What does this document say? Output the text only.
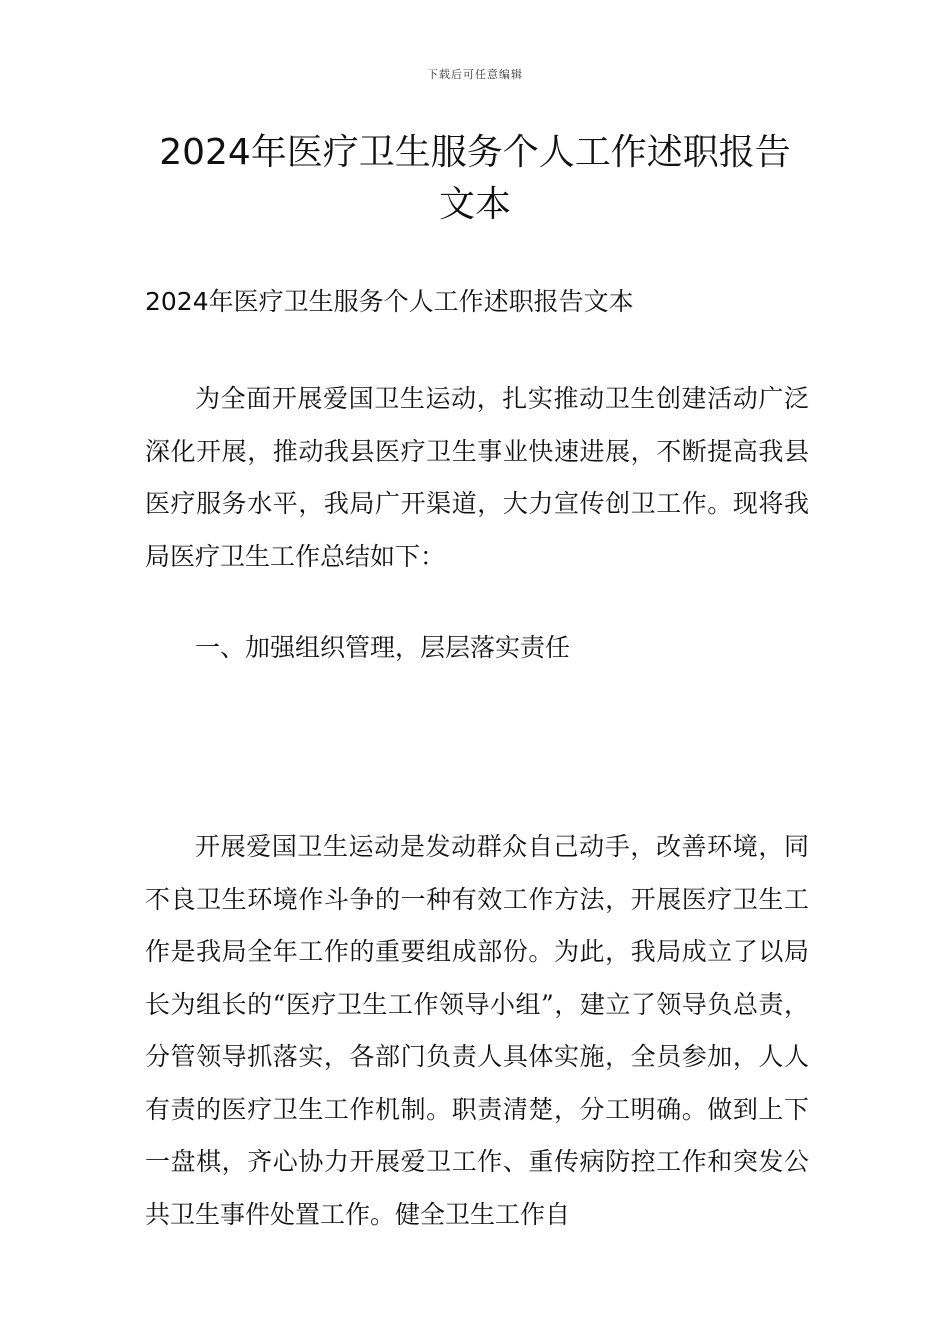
下载后可任意编辑
2024年医疗卫生服务个人工作述职报告文本

2024年医疗卫生服务个人工作述职报告文本

为全面开展爱国卫生运动，扎实推动卫生创建活动广泛深化开展，推动我县医疗卫生事业快速进展，不断提高我县医疗服务水平，我局广开渠道，大力宣传创卫工作。现将我局医疗卫生工作总结如下：

一、加强组织管理，层层落实责任

开展爱国卫生运动是发动群众自己动手，改善环境，同不良卫生环境作斗争的一种有效工作方法，开展医疗卫生工作是我局全年工作的重要组成部份。为此，我局成立了以局长为组长的“医疗卫生工作领导小组”，建立了领导负总责，分管领导抓落实，各部门负责人具体实施，全员参加，人人有责的医疗卫生工作机制。职责清楚，分工明确。做到上下一盘棋，齐心协力开展爱卫工作、重传病防控工作和突发公共卫生事件处置工作。健全卫生工作自
